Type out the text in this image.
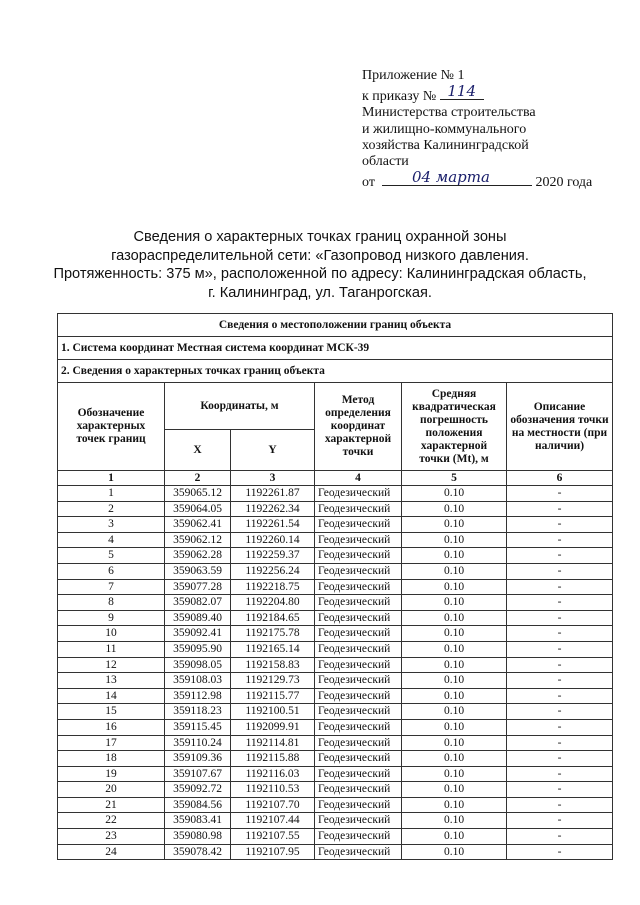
Приложение № 1
к приказу № 114
Министерства строительства
и жилищно-коммунального
хозяйства Калининградской
области
от	04 марта	2020 года
Сведения о характерных точках границ охранной зоны
газораспределительной сети: «Газопровод низкого давления.
Протяженность: 375 м», расположенной по адресу: Калининградская область,
г. Калининград, ул. Таганрогская.
Сведения о местоположении границ объекта					
1. Система координат Местная система координат МСК-39					
2. Сведения о характерных точках границ объекта					
Обозначение характерных точек границ	Координаты, м		Метод определения координат характерной точки	Средняя квадратическая погрешность положения характерной точки (Mt), м	Описание обозначения точки на местности (при наличии)
	X	Y			
1	2	3	4	5	6
1	359065.12	1192261.87	Геодезический	0.10	-
2	359064.05	1192262.34	Геодезический	0.10	-
3	359062.41	1192261.54	Геодезический	0.10	-
4	359062.12	1192260.14	Геодезический	0.10	-
5	359062.28	1192259.37	Геодезический	0.10	-
6	359063.59	1192256.24	Геодезический	0.10	-
7	359077.28	1192218.75	Геодезический	0.10	-
8	359082.07	1192204.80	Геодезический	0.10	-
9	359089.40	1192184.65	Геодезический	0.10	-
10	359092.41	1192175.78	Геодезический	0.10	-
11	359095.90	1192165.14	Геодезический	0.10	-
12	359098.05	1192158.83	Геодезический	0.10	-
13	359108.03	1192129.73	Геодезический	0.10	-
14	359112.98	1192115.77	Геодезический	0.10	-
15	359118.23	1192100.51	Геодезический	0.10	-
16	359115.45	1192099.91	Геодезический	0.10	-
17	359110.24	1192114.81	Геодезический	0.10	-
18	359109.36	1192115.88	Геодезический	0.10	-
19	359107.67	1192116.03	Геодезический	0.10	-
20	359092.72	1192110.53	Геодезический	0.10	-
21	359084.56	1192107.70	Геодезический	0.10	-
22	359083.41	1192107.44	Геодезический	0.10	-
23	359080.98	1192107.55	Геодезический	0.10	-
24	359078.42	1192107.95	Геодезический	0.10	-
